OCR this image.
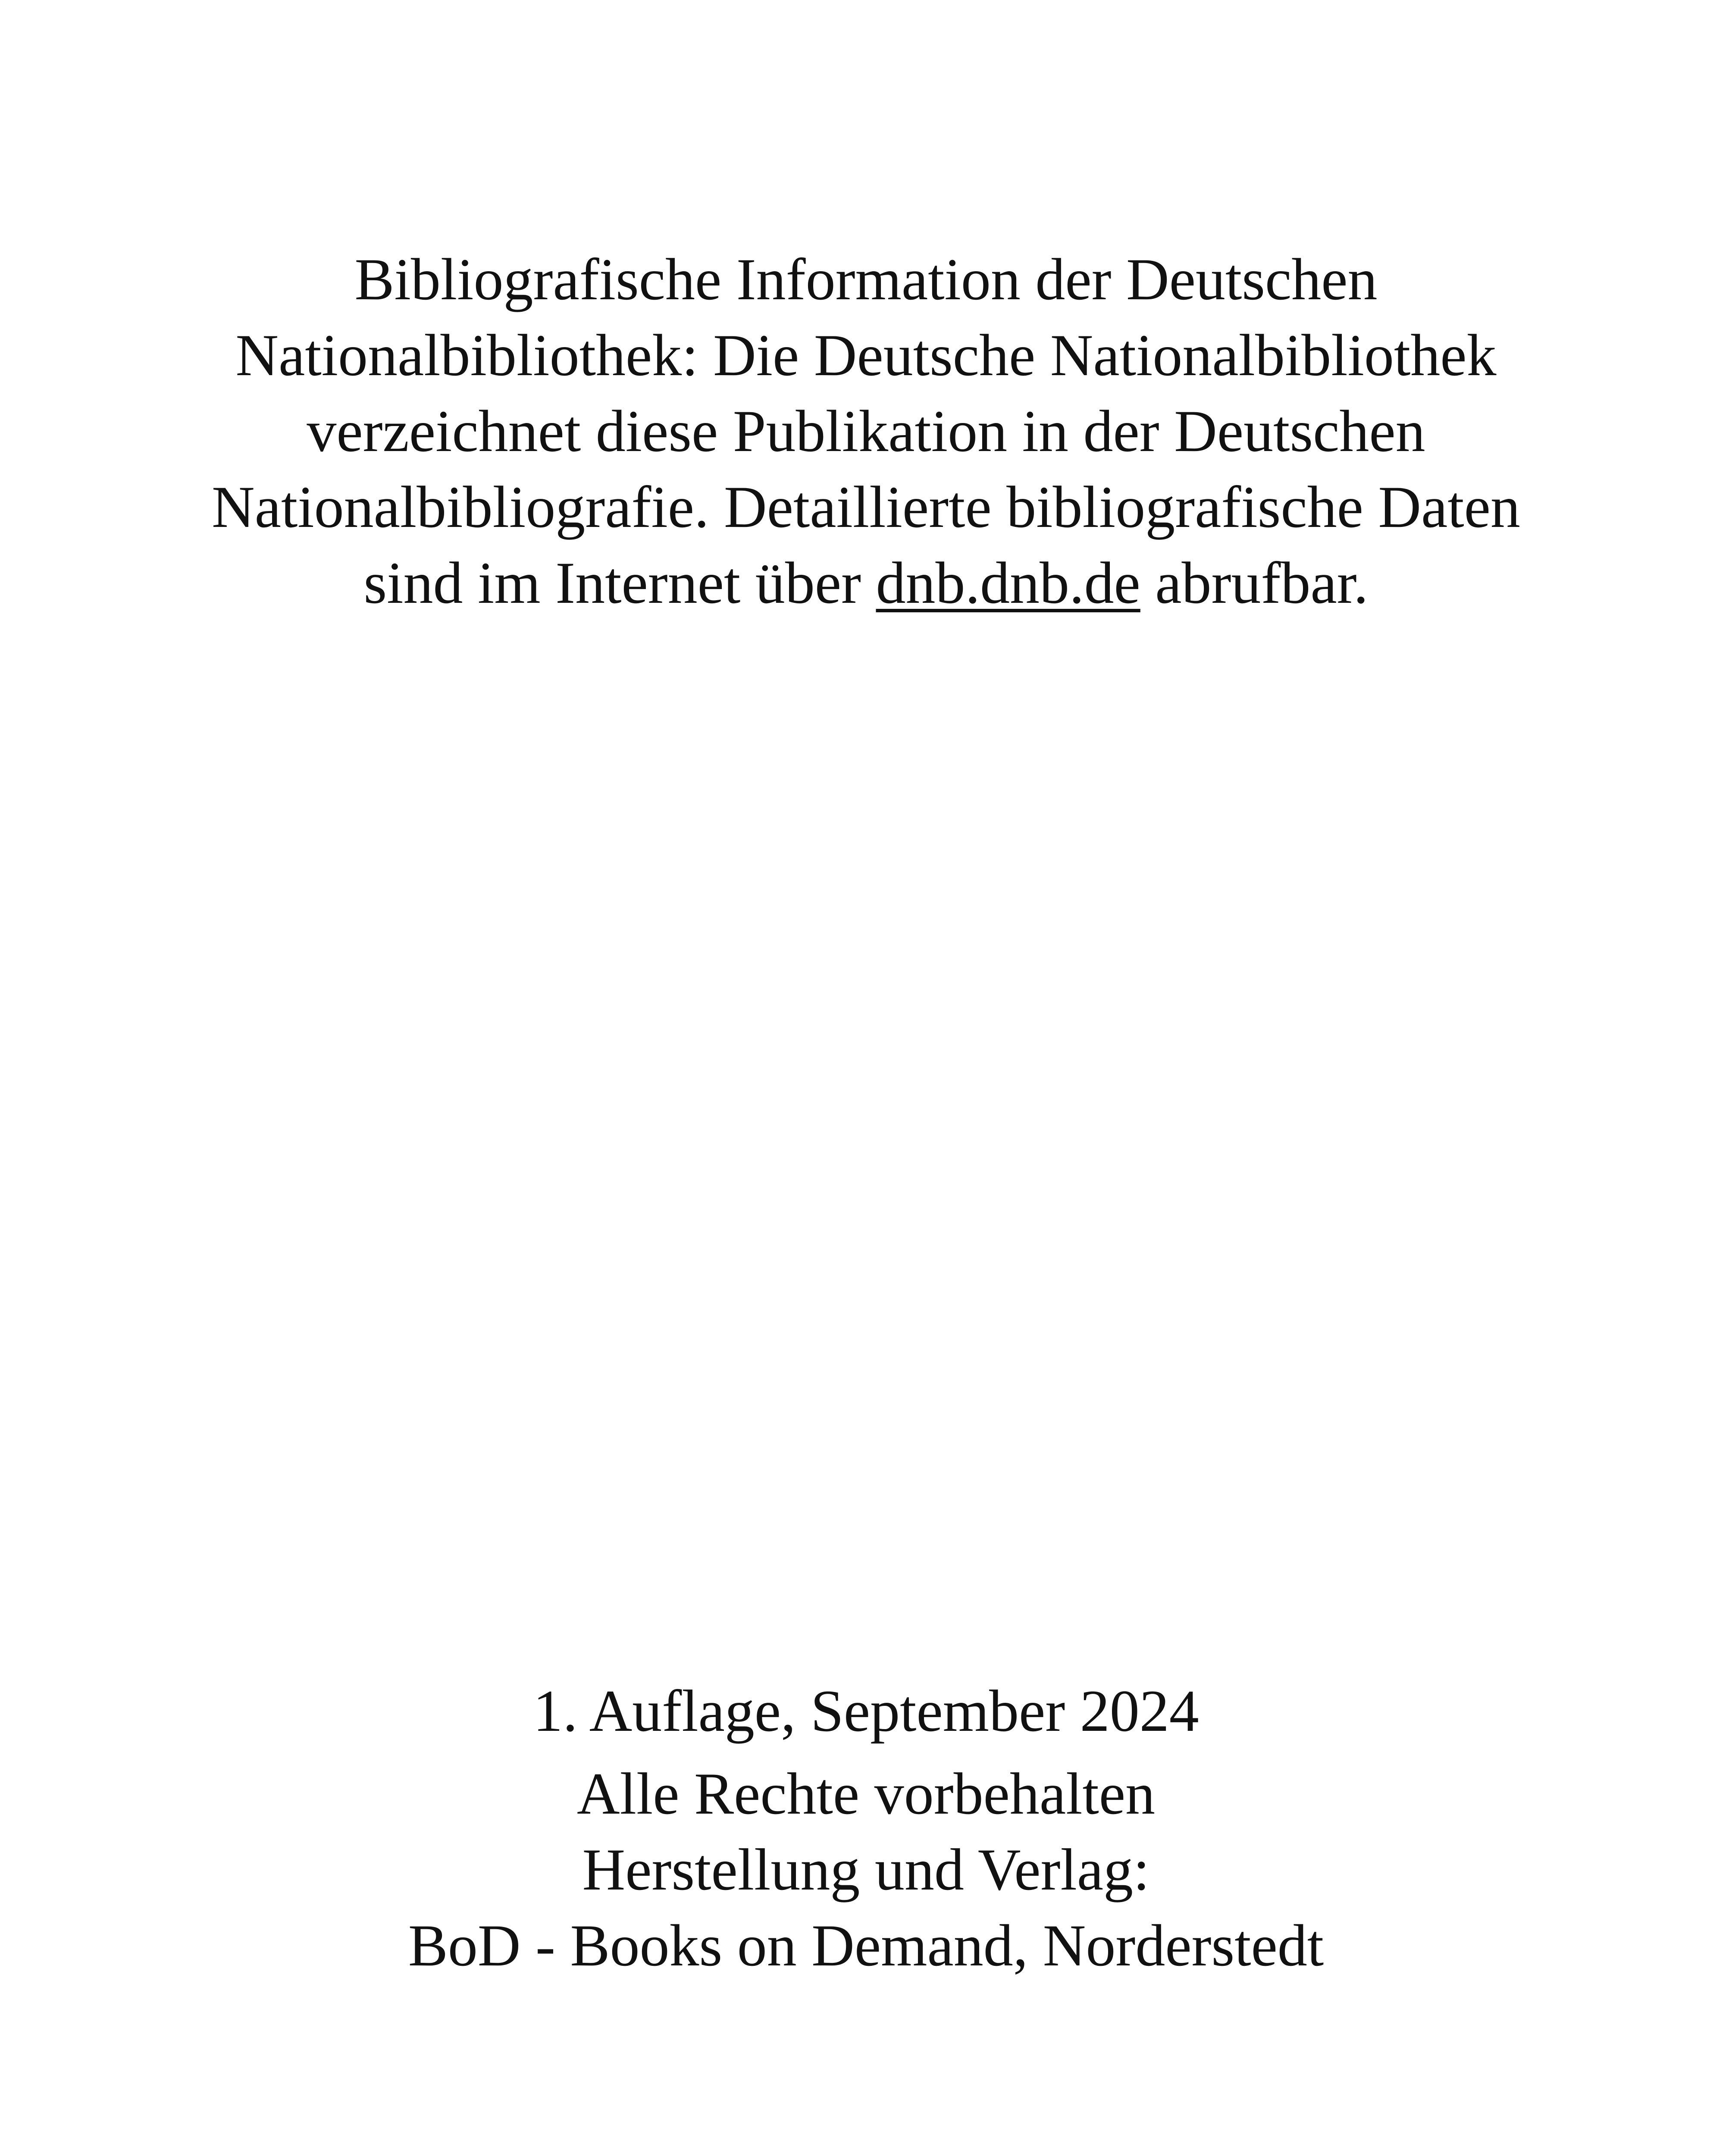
Bibliografische Information der Deutschen
Nationalbibliothek: Die Deutsche Nationalbibliothek
verzeichnet diese Publikation in der Deutschen
Nationalbibliografie. Detaillierte bibliografische Daten
sind im Internet über dnb.dnb.de abrufbar.
1. Auflage, September 2024
Alle Rechte vorbehalten
Herstellung und Verlag:
BoD - Books on Demand, Norderstedt
